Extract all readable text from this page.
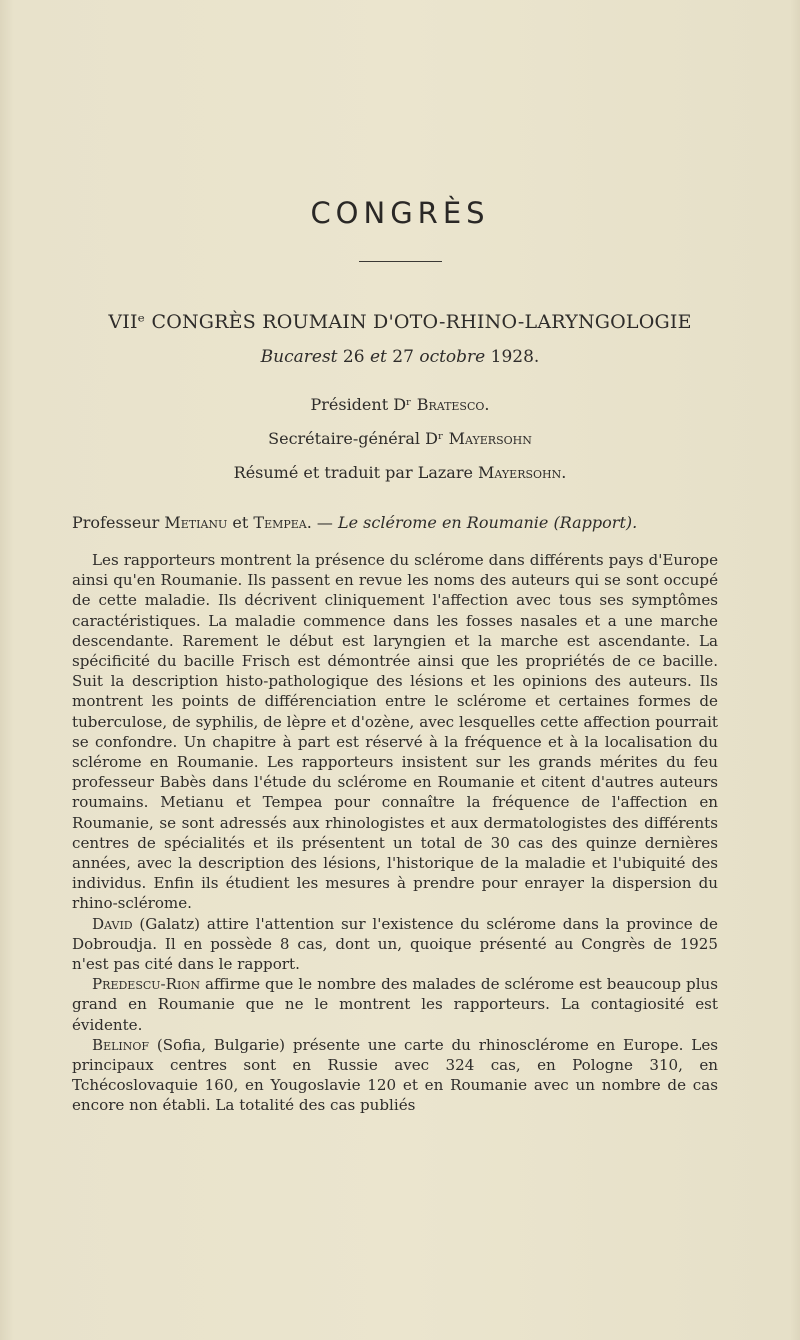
CONGRÈS
VIIᵉ CONGRÈS ROUMAIN D'OTO-RHINO-LARYNGOLOGIE
Bucarest 26 et 27 octobre 1928.
Président Dʳ Bratesco.
Secrétaire-général Dʳ Mayersohn
Résumé et traduit par Lazare Mayersohn.
Professeur Metianu et Tempea. — Le sclérome en Roumanie (Rapport).

Les rapporteurs montrent la présence du sclérome dans différents pays d'Europe ainsi qu'en Roumanie. Ils passent en revue les noms des auteurs qui se sont occupé de cette maladie. Ils décrivent cliniquement l'affection avec tous ses symptômes caractéristiques. La maladie commence dans les fosses nasales et a une marche descendante. Rarement le début est laryngien et la marche est ascendante. La spécificité du bacille Frisch est démontrée ainsi que les propriétés de ce bacille. Suit la description histo-pathologique des lésions et les opinions des auteurs. Ils montrent les points de différenciation entre le sclérome et certaines formes de tuberculose, de syphilis, de lèpre et d'ozène, avec lesquelles cette affection pourrait se confondre. Un chapitre à part est réservé à la fréquence et à la localisation du sclérome en Roumanie. Les rapporteurs insistent sur les grands mérites du feu professeur Babès dans l'étude du sclérome en Roumanie et citent d'autres auteurs roumains. Metianu et Tempea pour connaître la fréquence de l'affection en Roumanie, se sont adressés aux rhinologistes et aux dermatologistes des différents centres de spécialités et ils présentent un total de 30 cas des quinze dernières années, avec la description des lésions, l'historique de la maladie et l'ubiquité des individus. Enfin ils étudient les mesures à prendre pour enrayer la dispersion du rhino-sclérome.

David (Galatz) attire l'attention sur l'existence du sclérome dans la province de Dobroudja. Il en possède 8 cas, dont un, quoique présenté au Congrès de 1925 n'est pas cité dans le rapport.

Predescu-Rion affirme que le nombre des malades de sclérome est beaucoup plus grand en Roumanie que ne le montrent les rapporteurs. La contagiosité est évidente.

Belinof (Sofia, Bulgarie) présente une carte du rhinosclérome en Europe. Les principaux centres sont en Russie avec 324 cas, en Pologne 310, en Tchécoslovaquie 160, en Yougoslavie 120 et en Roumanie avec un nombre de cas encore non établi. La totalité des cas publiés
